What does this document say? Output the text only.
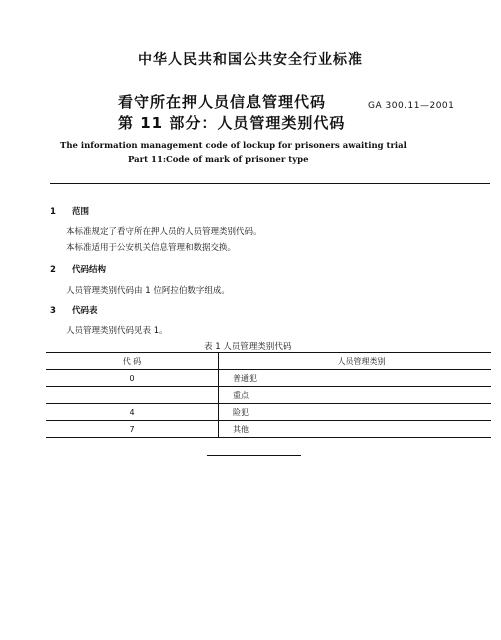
中华人民共和国公共安全行业标准
看守所在押人员信息管理代码
第 11 部分：人员管理类别代码
GA 300.11—2001
The information management code of lockup for prisoners awaiting trial
Part 11:Code of mark of prisoner type
1 范围
本标准规定了看守所在押人员的人员管理类别代码。
本标准适用于公安机关信息管理和数据交换。
2 代码结构
人员管理类别代码由 1 位阿拉伯数字组成。
3 代码表
人员管理类别代码见表 1。
表 1 人员管理类别代码
代 码	人员管理类别
0	普通犯
	重点
4	险犯
7	其他
